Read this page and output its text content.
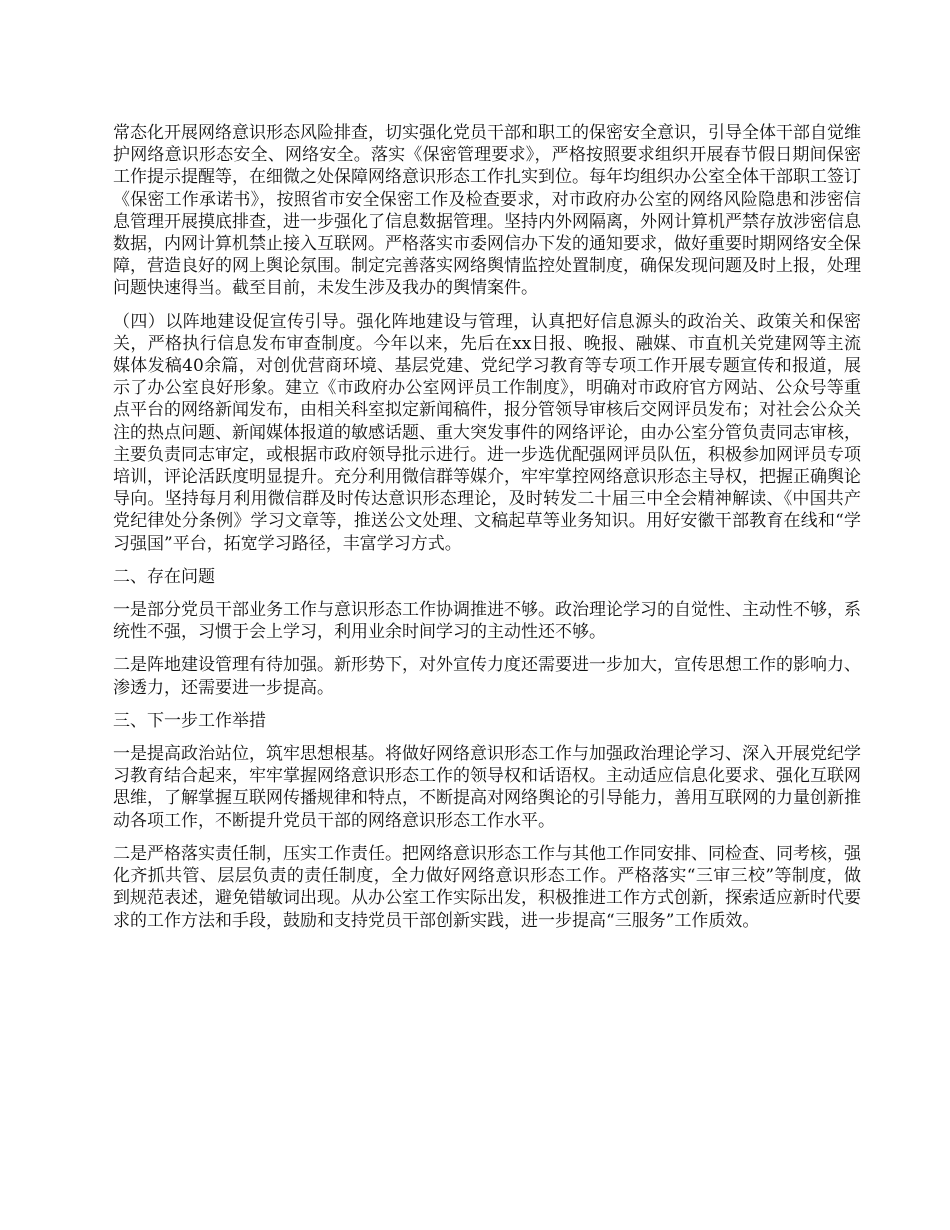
常态化开展网络意识形态风险排查，切实强化党员干部和职工的保密安全意识，引导全体干部自觉维护网络意识形态安全、网络安全。落实《保密管理要求》，严格按照要求组织开展春节假日期间保密工作提示提醒等，在细微之处保障网络意识形态工作扎实到位。每年均组织办公室全体干部职工签订《保密工作承诺书》，按照省市安全保密工作及检查要求，对市政府办公室的网络风险隐患和涉密信息管理开展摸底排查，进一步强化了信息数据管理。坚持内外网隔离，外网计算机严禁存放涉密信息数据，内网计算机禁止接入互联网。严格落实市委网信办下发的通知要求，做好重要时期网络安全保障，营造良好的网上舆论氛围。制定完善落实网络舆情监控处置制度，确保发现问题及时上报，处理问题快速得当。截至目前，未发生涉及我办的舆情案件。

（四）以阵地建设促宣传引导。强化阵地建设与管理，认真把好信息源头的政治关、政策关和保密关，严格执行信息发布审查制度。今年以来，先后在xx日报、晚报、融媒、市直机关党建网等主流媒体发稿40余篇，对创优营商环境、基层党建、党纪学习教育等专项工作开展专题宣传和报道，展示了办公室良好形象。建立《市政府办公室网评员工作制度》，明确对市政府官方网站、公众号等重点平台的网络新闻发布，由相关科室拟定新闻稿件，报分管领导审核后交网评员发布；对社会公众关注的热点问题、新闻媒体报道的敏感话题、重大突发事件的网络评论，由办公室分管负责同志审核，主要负责同志审定，或根据市政府领导批示进行。进一步选优配强网评员队伍，积极参加网评员专项培训，评论活跃度明显提升。充分利用微信群等媒介，牢牢掌控网络意识形态主导权，把握正确舆论导向。坚持每月利用微信群及时传达意识形态理论，及时转发二十届三中全会精神解读、《中国共产党纪律处分条例》学习文章等，推送公文处理、文稿起草等业务知识。用好安徽干部教育在线和“学习强国”平台，拓宽学习路径，丰富学习方式。

二、存在问题

一是部分党员干部业务工作与意识形态工作协调推进不够。政治理论学习的自觉性、主动性不够，系统性不强，习惯于会上学习，利用业余时间学习的主动性还不够。

二是阵地建设管理有待加强。新形势下，对外宣传力度还需要进一步加大，宣传思想工作的影响力、渗透力，还需要进一步提高。

三、下一步工作举措

一是提高政治站位，筑牢思想根基。将做好网络意识形态工作与加强政治理论学习、深入开展党纪学习教育结合起来，牢牢掌握网络意识形态工作的领导权和话语权。主动适应信息化要求、强化互联网思维，了解掌握互联网传播规律和特点，不断提高对网络舆论的引导能力，善用互联网的力量创新推动各项工作，不断提升党员干部的网络意识形态工作水平。

二是严格落实责任制，压实工作责任。把网络意识形态工作与其他工作同安排、同检查、同考核，强化齐抓共管、层层负责的责任制度，全力做好网络意识形态工作。严格落实“三审三校”等制度，做到规范表述，避免错敏词出现。从办公室工作实际出发，积极推进工作方式创新，探索适应新时代要求的工作方法和手段，鼓励和支持党员干部创新实践，进一步提高“三服务”工作质效。
